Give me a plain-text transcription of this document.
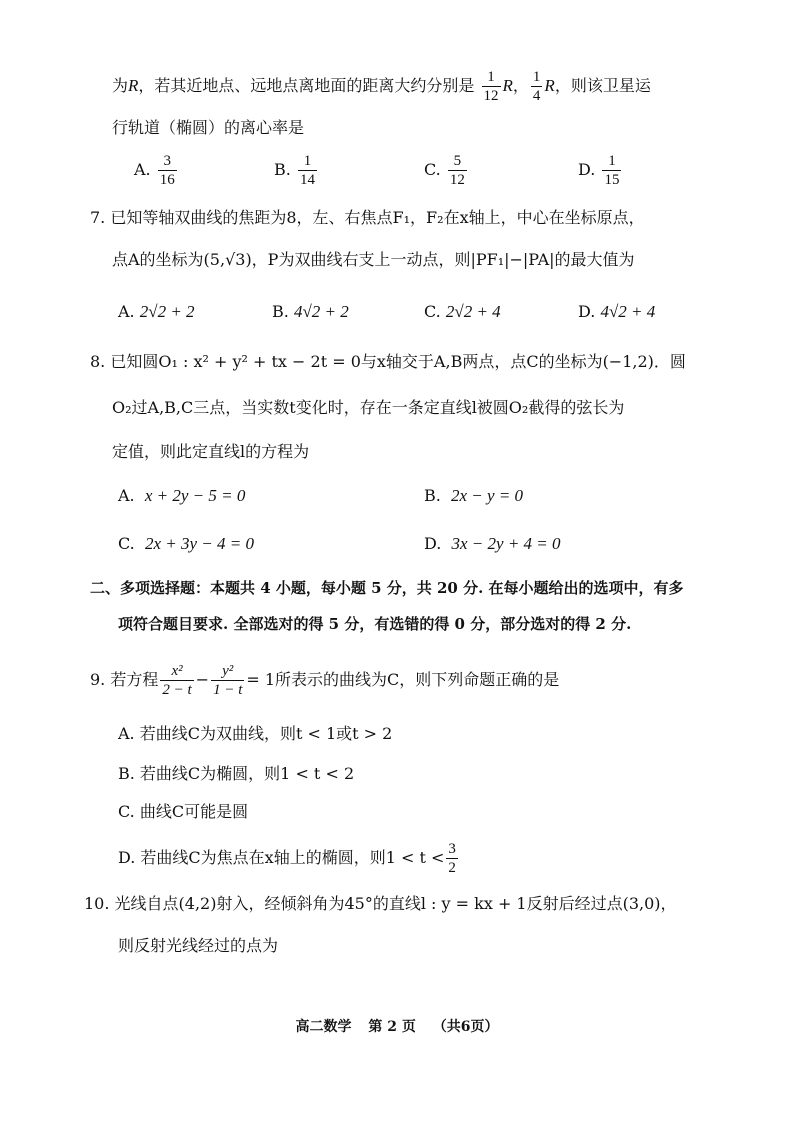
为R，若其近地点、远地点离地面的距离大约分别是 $\frac{1}{12}$ R， $\frac{1}{4}$ R，则该卫星运
行轨道（椭圆）的离心率是
A. $\frac{3}{16}$	B. $\frac{1}{14}$	C. $\frac{5}{12}$	D. $\frac{1}{15}$
7. 已知等轴双曲线的焦距为8，左、右焦点F₁，F₂在x轴上，中心在坐标原点，
点A的坐标为(5,√3)，P为双曲线右支上一动点，则|PF₁|−|PA|的最大值为
A. 2√2 + 2	B. 4√2 + 2	C. 2√2 + 4	D. 4√2 + 4
8. 已知圆O₁ : x² + y² + tx − 2t = 0与x轴交于A,B两点，点C的坐标为(−1,2)．圆
O₂过A,B,C三点，当实数t变化时，存在一条定直线l被圆O₂截得的弦长为
定值，则此定直线l的方程为
A. x + 2y − 5 = 0	B. 2x − y = 0
C. 2x + 3y − 4 = 0	D. 3x − 2y + 4 = 0
二、多项选择题：本题共 4 小题，每小题 5 分，共 20 分. 在每小题给出的选项中，有多
项符合题目要求. 全部选对的得 5 分，有选错的得 0 分，部分选对的得 2 分.
9. 若方程 $\frac{\text{x²}}{2 - t} - \frac{\text{y²}}{1 - t} = 1$所表示的曲线为C，则下列命题正确的是
A. 若曲线C为双曲线，则t < 1或t > 2
B. 若曲线C为椭圆，则1 < t < 2
C. 曲线C可能是圆
D. 若曲线C为焦点在x轴上的椭圆，则$1 < t < \frac{3}{2}$
10. 光线自点(4,2)射入，经倾斜角为45°的直线l : y = kx + 1反射后经过点(3,0)，
则反射光线经过的点为
高二数学 第 2 页 （共6页）
